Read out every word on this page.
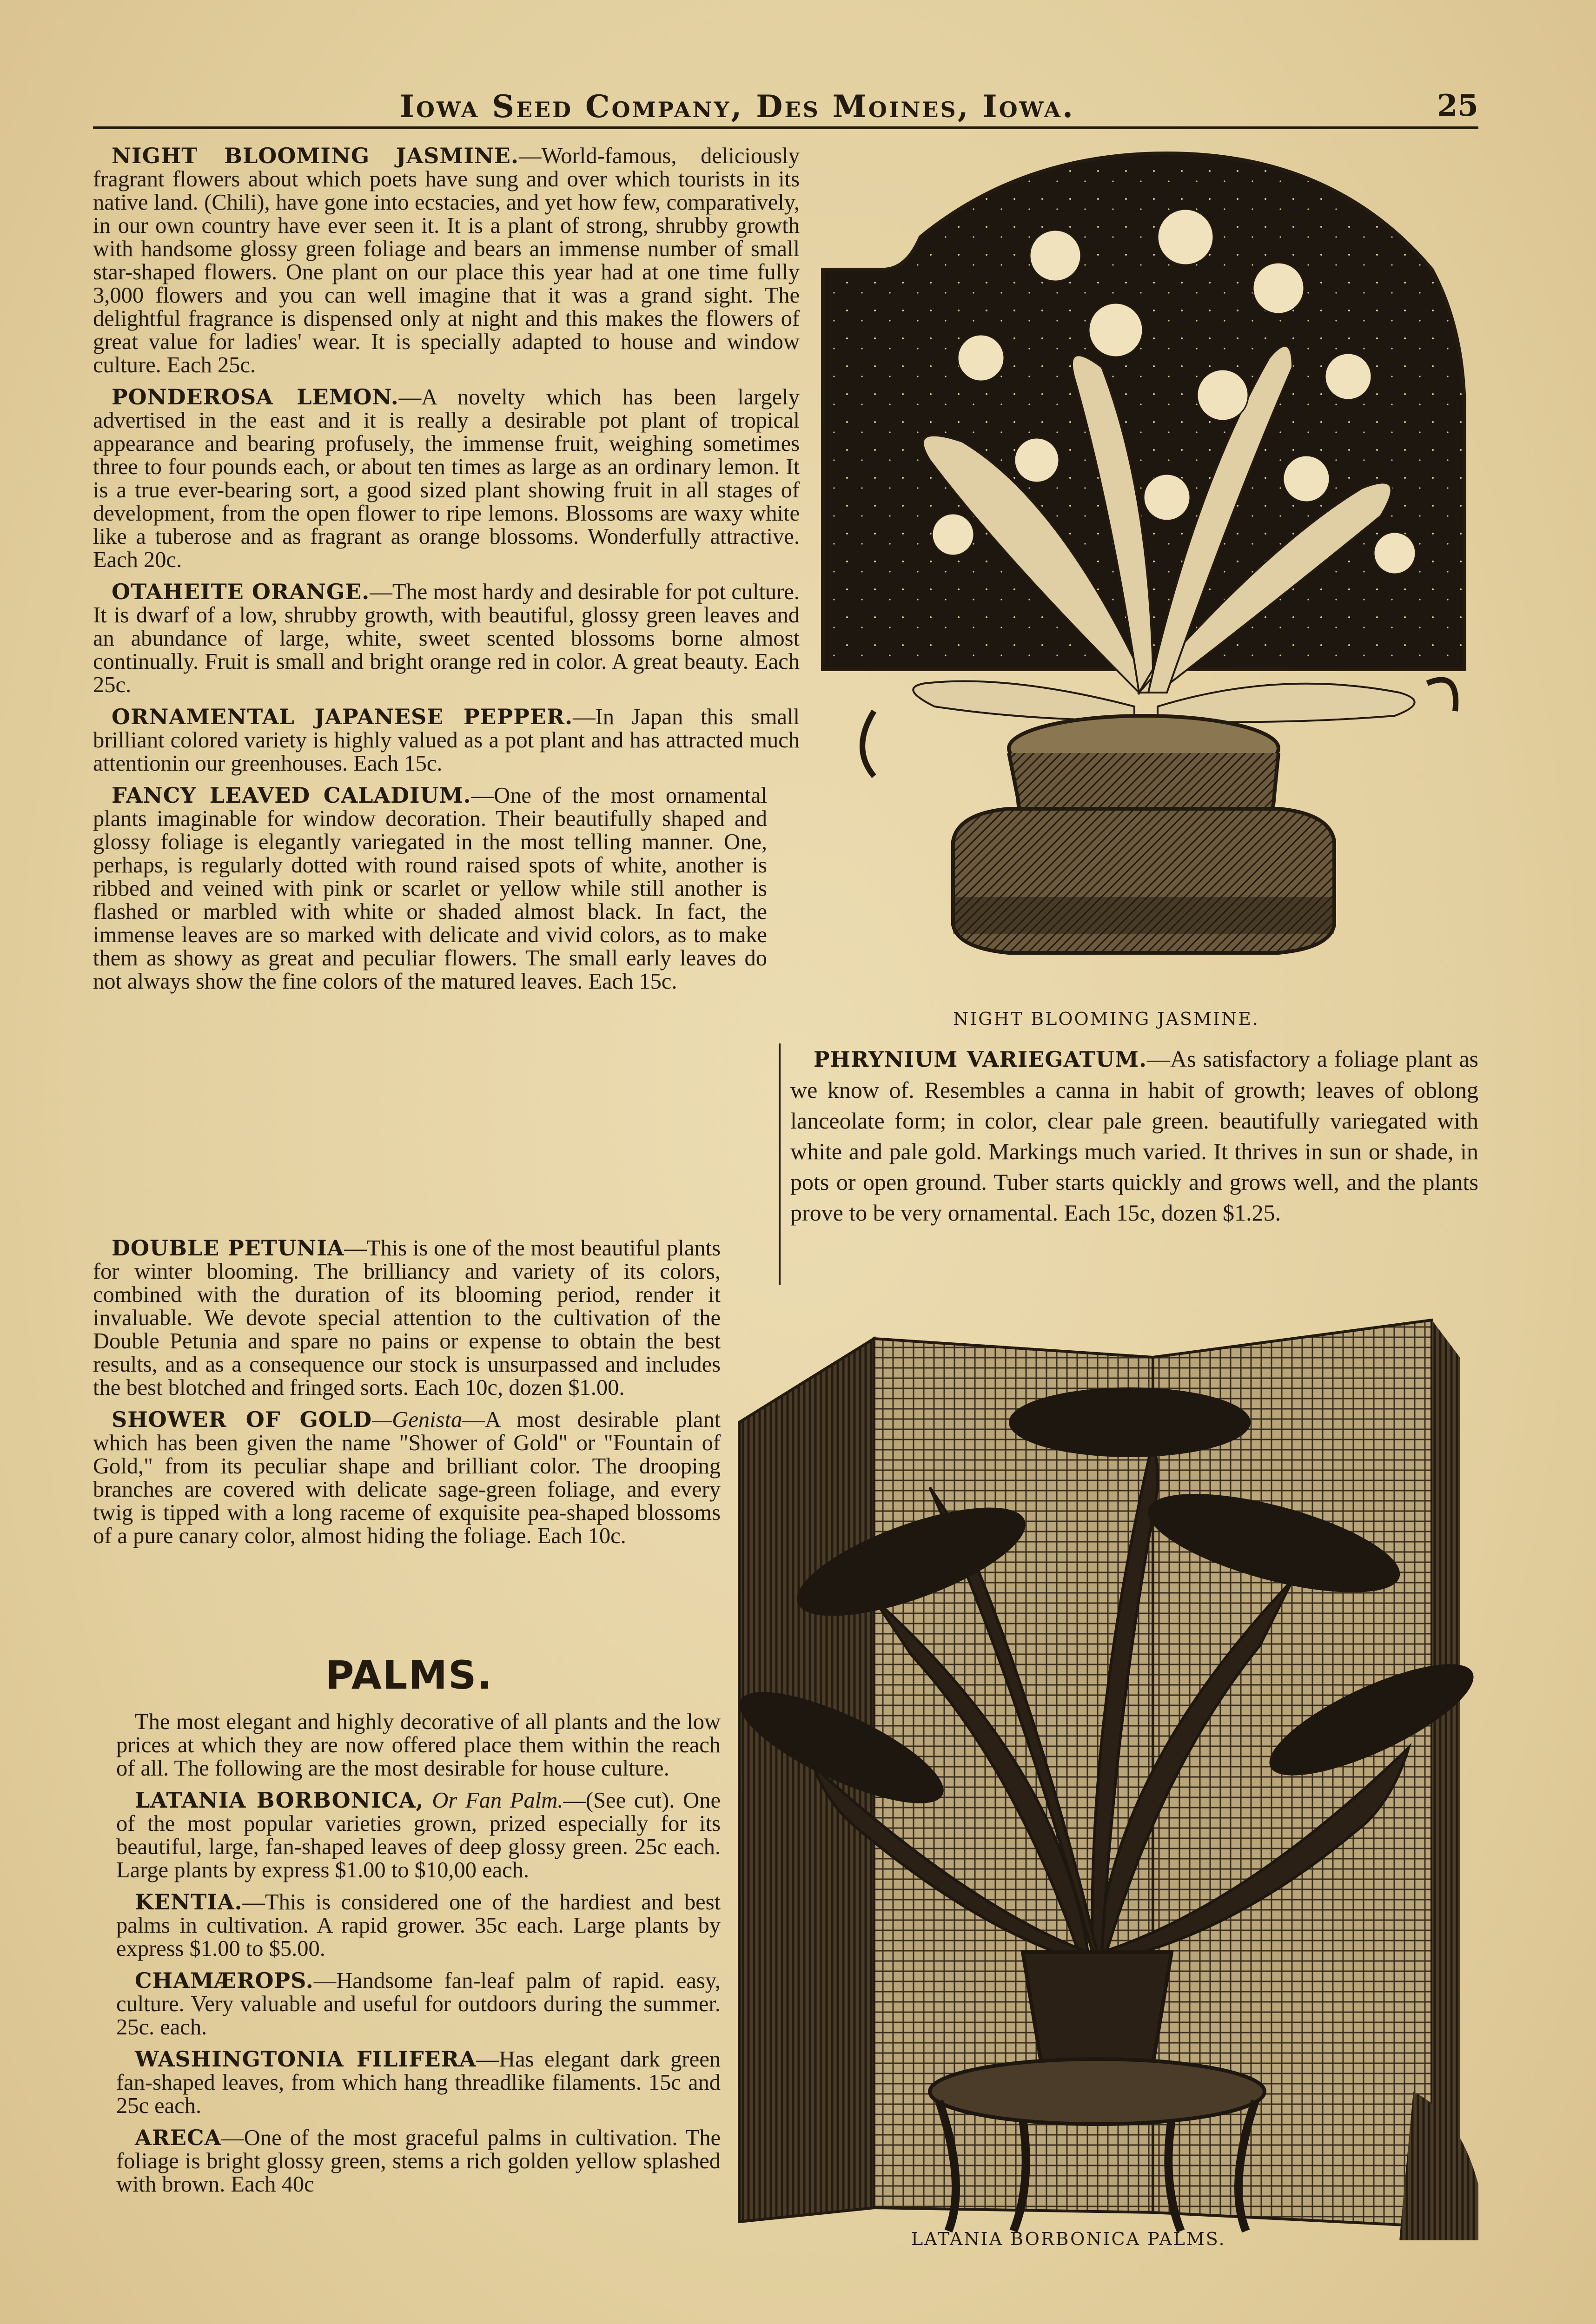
Iowa Seed Company, Des Moines, Iowa.	25

NIGHT BLOOMING JASMINE.—World-famous, deliciously fragrant flowers about which poets have sung and over which tourists in its native land. (Chili), have gone into ecstacies, and yet how few, comparatively, in our own country have ever seen it. It is a plant of strong, shrubby growth with handsome glossy green foliage and bears an immense number of small star-shaped flowers. One plant on our place this year had at one time fully 3,000 flowers and you can well imagine that it was a grand sight. The delightful fragrance is dispensed only at night and this makes the flowers of great value for ladies' wear. It is specially adapted to house and window culture. Each 25c.

PONDEROSA LEMON.—A novelty which has been largely advertised in the east and it is really a desirable pot plant of tropical appearance and bearing profusely, the immense fruit, weighing sometimes three to four pounds each, or about ten times as large as an ordinary lemon. It is a true ever-bearing sort, a good sized plant showing fruit in all stages of development, from the open flower to ripe lemons. Blossoms are waxy white like a tuberose and as fragrant as orange blossoms. Wonderfully attractive. Each 20c.

OTAHEITE ORANGE.—The most hardy and desirable for pot culture. It is dwarf of a low, shrubby growth, with beautiful, glossy green leaves and an abundance of large, white, sweet scented blossoms borne almost continually. Fruit is small and bright orange red in color. A great beauty. Each 25c.

ORNAMENTAL JAPANESE PEPPER.—In Japan this small brilliant colored variety is highly valued as a pot plant and has attracted much attentionin our greenhouses. Each 15c.

FANCY LEAVED CALADIUM.—One of the most ornamental plants imaginable for window decoration. Their beautifully shaped and glossy foliage is elegantly variegated in the most telling manner. One, perhaps, is regularly dotted with round raised spots of white, another is ribbed and veined with pink or scarlet or yellow while still another is flashed or marbled with white or shaded almost black. In fact, the immense leaves are so marked with delicate and vivid colors, as to make them as showy as great and peculiar flowers. The small early leaves do not always show the fine colors of the matured leaves. Each 15c.

DOUBLE PETUNIA—This is one of the most beautiful plants for winter blooming. The brilliancy and variety of its colors, combined with the duration of its blooming period, render it invaluable. We devote special attention to the cultivation of the Double Petunia and spare no pains or expense to obtain the best results, and as a consequence our stock is unsurpassed and includes the best blotched and fringed sorts. Each 10c, dozen $1.00.

SHOWER OF GOLD—Genista—A most desirable plant which has been given the name "Shower of Gold" or "Fountain of Gold," from its peculiar shape and brilliant color. The drooping branches are covered with delicate sage-green foliage, and every twig is tipped with a long raceme of exquisite pea-shaped blossoms of a pure canary color, almost hiding the foliage. Each 10c.

PALMS.

The most elegant and highly decorative of all plants and the low prices at which they are now offered place them within the reach of all. The following are the most desirable for house culture.

LATANIA BORBONICA, Or Fan Palm.—(See cut). One of the most popular varieties grown, prized especially for its beautiful, large, fan-shaped leaves of deep glossy green. 25c each. Large plants by express $1.00 to $10,00 each.

KENTIA.—This is considered one of the hardiest and best palms in cultivation. A rapid grower. 35c each. Large plants by express $1.00 to $5.00.

CHAMÆROPS.—Handsome fan-leaf palm of rapid. easy, culture. Very valuable and useful for outdoors during the summer. 25c. each.

WASHINGTONIA FILIFERA—Has elegant dark green fan-shaped leaves, from which hang threadlike filaments. 15c and 25c each.

ARECA—One of the most graceful palms in cultivation. The foliage is bright glossy green, stems a rich golden yellow splashed with brown. Each 40c

PHRYNIUM VARIEGATUM.—As satisfactory a foliage plant as we know of. Resembles a canna in habit of growth; leaves of oblong lanceolate form; in color, clear pale green. beautifully variegated with white and pale gold. Markings much varied. It thrives in sun or shade, in pots or open ground. Tuber starts quickly and grows well, and the plants prove to be very ornamental. Each 15c, dozen $1.25.

NIGHT BLOOMING JASMINE.
LATANIA BORBONICA PALMS.
